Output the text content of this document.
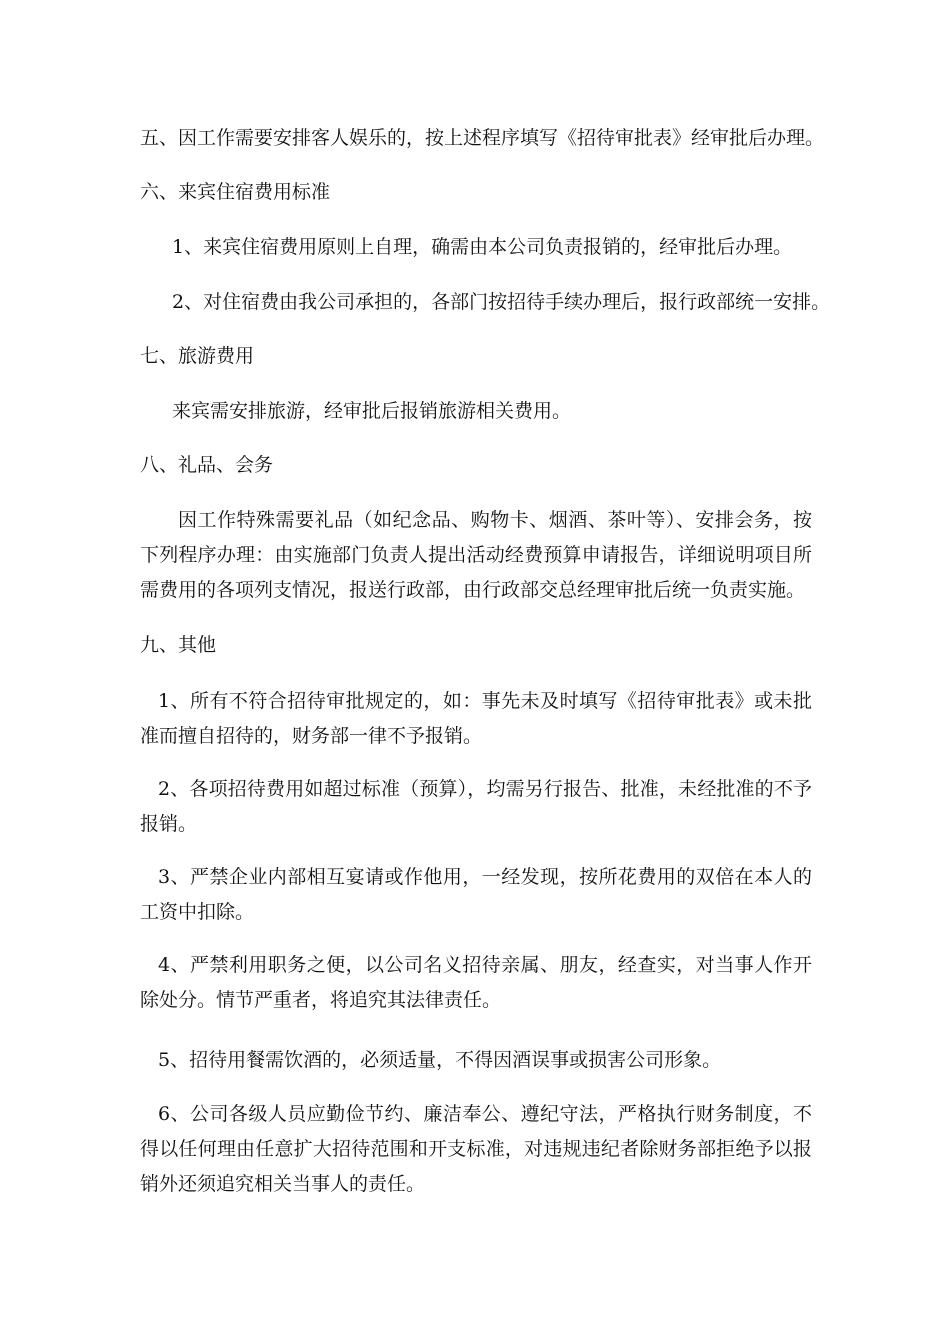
五、因工作需要安排客人娱乐的，按上述程序填写《招待审批表》经审批后办理。
六、来宾住宿费用标准
1、来宾住宿费用原则上自理，确需由本公司负责报销的，经审批后办理。
2、对住宿费由我公司承担的，各部门按招待手续办理后，报行政部统一安排。
七、旅游费用
来宾需安排旅游，经审批后报销旅游相关费用。
八、礼品、会务
因工作特殊需要礼品（如纪念品、购物卡、烟酒、茶叶等）、安排会务，按下列程序办理：由实施部门负责人提出活动经费预算申请报告，详细说明项目所需费用的各项列支情况，报送行政部，由行政部交总经理审批后统一负责实施。
九、其他
1、所有不符合招待审批规定的，如：事先未及时填写《招待审批表》或未批准而擅自招待的，财务部一律不予报销。
2、各项招待费用如超过标准（预算），均需另行报告、批准，未经批准的不予报销。
3、严禁企业内部相互宴请或作他用，一经发现，按所花费用的双倍在本人的工资中扣除。
4、严禁利用职务之便，以公司名义招待亲属、朋友，经查实，对当事人作开除处分。情节严重者，将追究其法律责任。
5、招待用餐需饮酒的，必须适量，不得因酒误事或损害公司形象。
6、公司各级人员应勤俭节约、廉洁奉公、遵纪守法，严格执行财务制度，不得以任何理由任意扩大招待范围和开支标准，对违规违纪者除财务部拒绝予以报销外还须追究相关当事人的责任。
